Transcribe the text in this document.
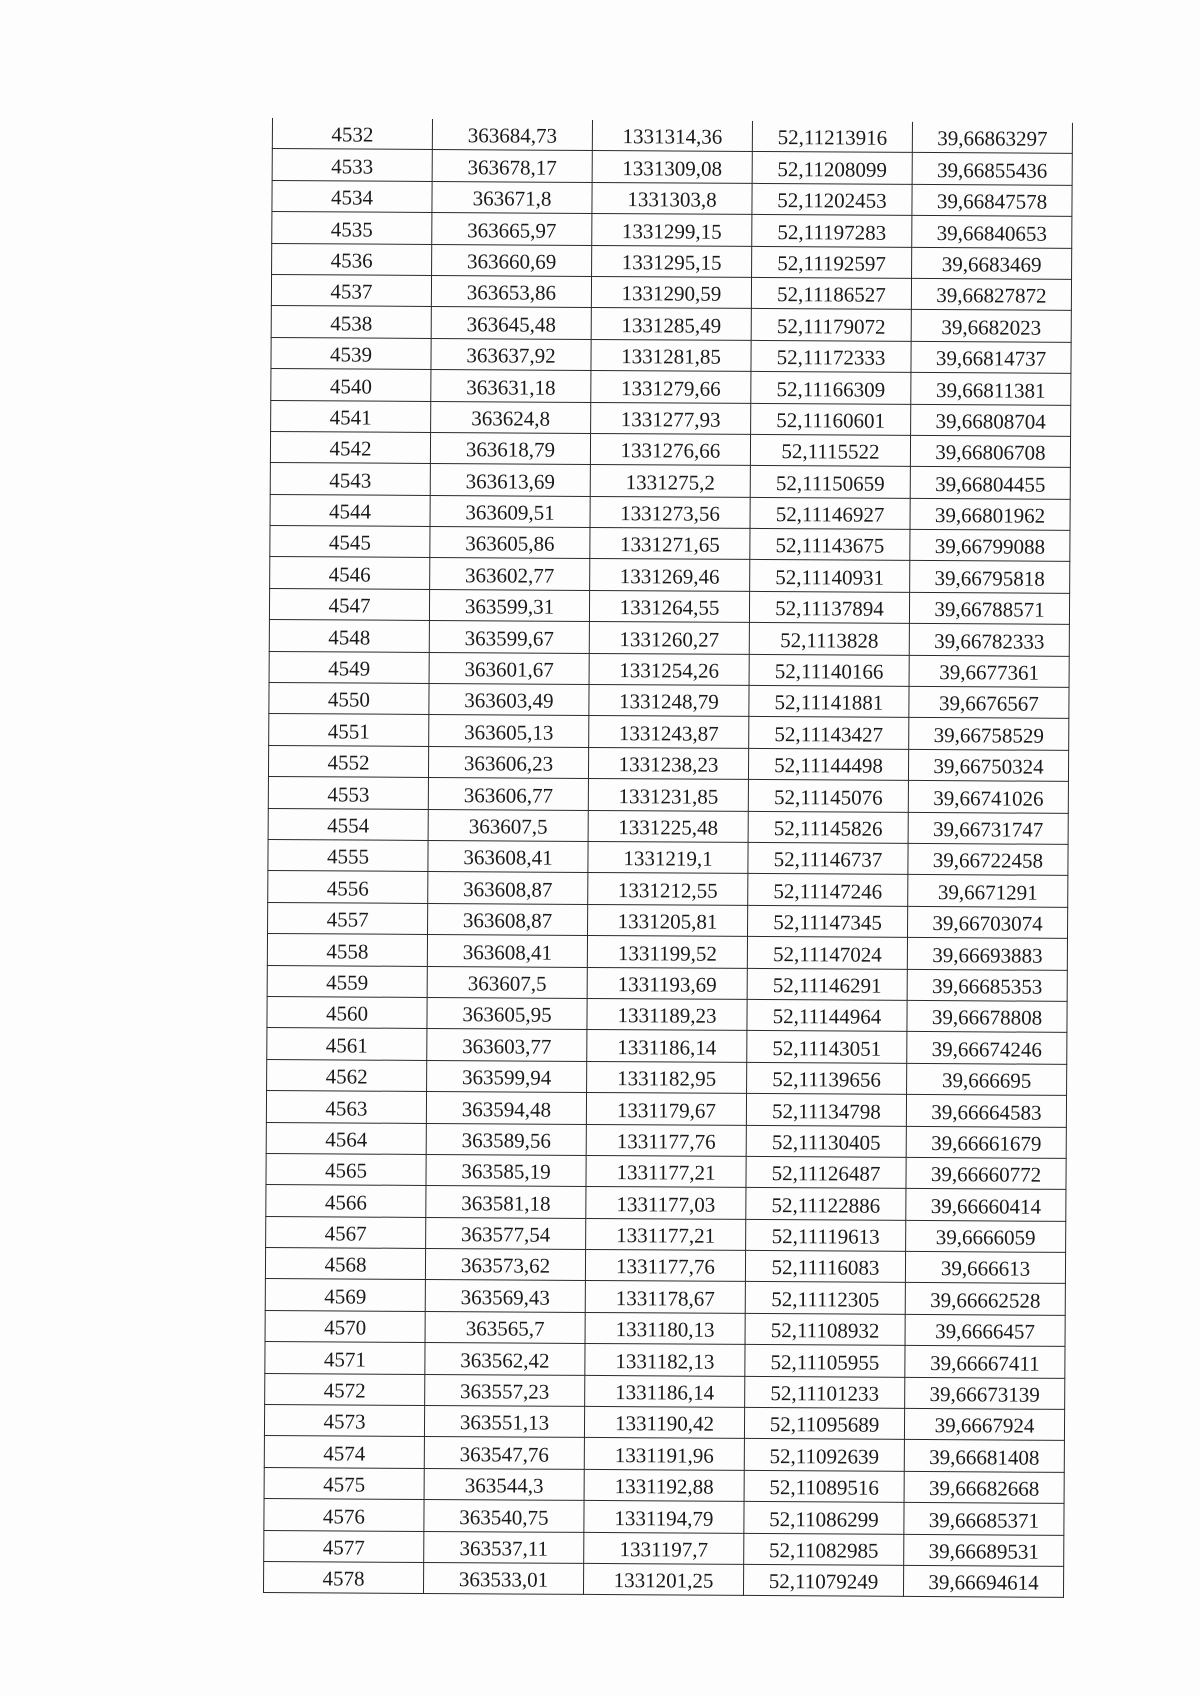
4532	363684,73	1331314,36	52,11213916	39,66863297
4533	363678,17	1331309,08	52,11208099	39,66855436
4534	363671,8	1331303,8	52,11202453	39,66847578
4535	363665,97	1331299,15	52,11197283	39,66840653
4536	363660,69	1331295,15	52,11192597	39,6683469
4537	363653,86	1331290,59	52,11186527	39,66827872
4538	363645,48	1331285,49	52,11179072	39,6682023
4539	363637,92	1331281,85	52,11172333	39,66814737
4540	363631,18	1331279,66	52,11166309	39,66811381
4541	363624,8	1331277,93	52,11160601	39,66808704
4542	363618,79	1331276,66	52,1115522	39,66806708
4543	363613,69	1331275,2	52,11150659	39,66804455
4544	363609,51	1331273,56	52,11146927	39,66801962
4545	363605,86	1331271,65	52,11143675	39,66799088
4546	363602,77	1331269,46	52,11140931	39,66795818
4547	363599,31	1331264,55	52,11137894	39,66788571
4548	363599,67	1331260,27	52,1113828	39,66782333
4549	363601,67	1331254,26	52,11140166	39,6677361
4550	363603,49	1331248,79	52,11141881	39,6676567
4551	363605,13	1331243,87	52,11143427	39,66758529
4552	363606,23	1331238,23	52,11144498	39,66750324
4553	363606,77	1331231,85	52,11145076	39,66741026
4554	363607,5	1331225,48	52,11145826	39,66731747
4555	363608,41	1331219,1	52,11146737	39,66722458
4556	363608,87	1331212,55	52,11147246	39,6671291
4557	363608,87	1331205,81	52,11147345	39,66703074
4558	363608,41	1331199,52	52,11147024	39,66693883
4559	363607,5	1331193,69	52,11146291	39,66685353
4560	363605,95	1331189,23	52,11144964	39,66678808
4561	363603,77	1331186,14	52,11143051	39,66674246
4562	363599,94	1331182,95	52,11139656	39,666695
4563	363594,48	1331179,67	52,11134798	39,66664583
4564	363589,56	1331177,76	52,11130405	39,66661679
4565	363585,19	1331177,21	52,11126487	39,66660772
4566	363581,18	1331177,03	52,11122886	39,66660414
4567	363577,54	1331177,21	52,11119613	39,6666059
4568	363573,62	1331177,76	52,11116083	39,666613
4569	363569,43	1331178,67	52,11112305	39,66662528
4570	363565,7	1331180,13	52,11108932	39,6666457
4571	363562,42	1331182,13	52,11105955	39,66667411
4572	363557,23	1331186,14	52,11101233	39,66673139
4573	363551,13	1331190,42	52,11095689	39,6667924
4574	363547,76	1331191,96	52,11092639	39,66681408
4575	363544,3	1331192,88	52,11089516	39,66682668
4576	363540,75	1331194,79	52,11086299	39,66685371
4577	363537,11	1331197,7	52,11082985	39,66689531
4578	363533,01	1331201,25	52,11079249	39,66694614
